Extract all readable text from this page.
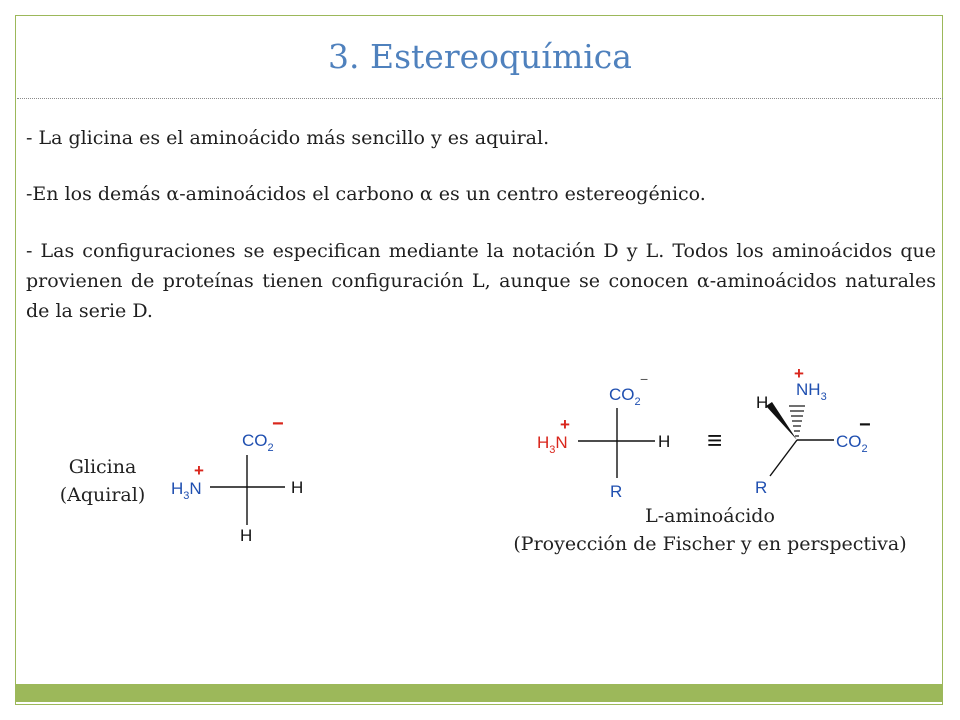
3. Estereoquímica
- La glicina es el aminoácido más sencillo y es aquiral.
-En los demás α-aminoácidos el carbono α es un centro estereogénico.
- Las configuraciones se especifican mediante la notación D y L. Todos los aminoácidos que provienen de proteínas tienen configuración L, aunque se conocen α-aminoácidos naturales de la serie D.
Glicina
(Aquiral)
L-aminoácido
(Proyección de Fischer y en perspectiva)
$CO_2$
−
$H_3N$
+
H
H
$CO_2$
−
$H_3N$
+
H
R
≡
H
$NH_3$
+
$CO_2$
−
R
